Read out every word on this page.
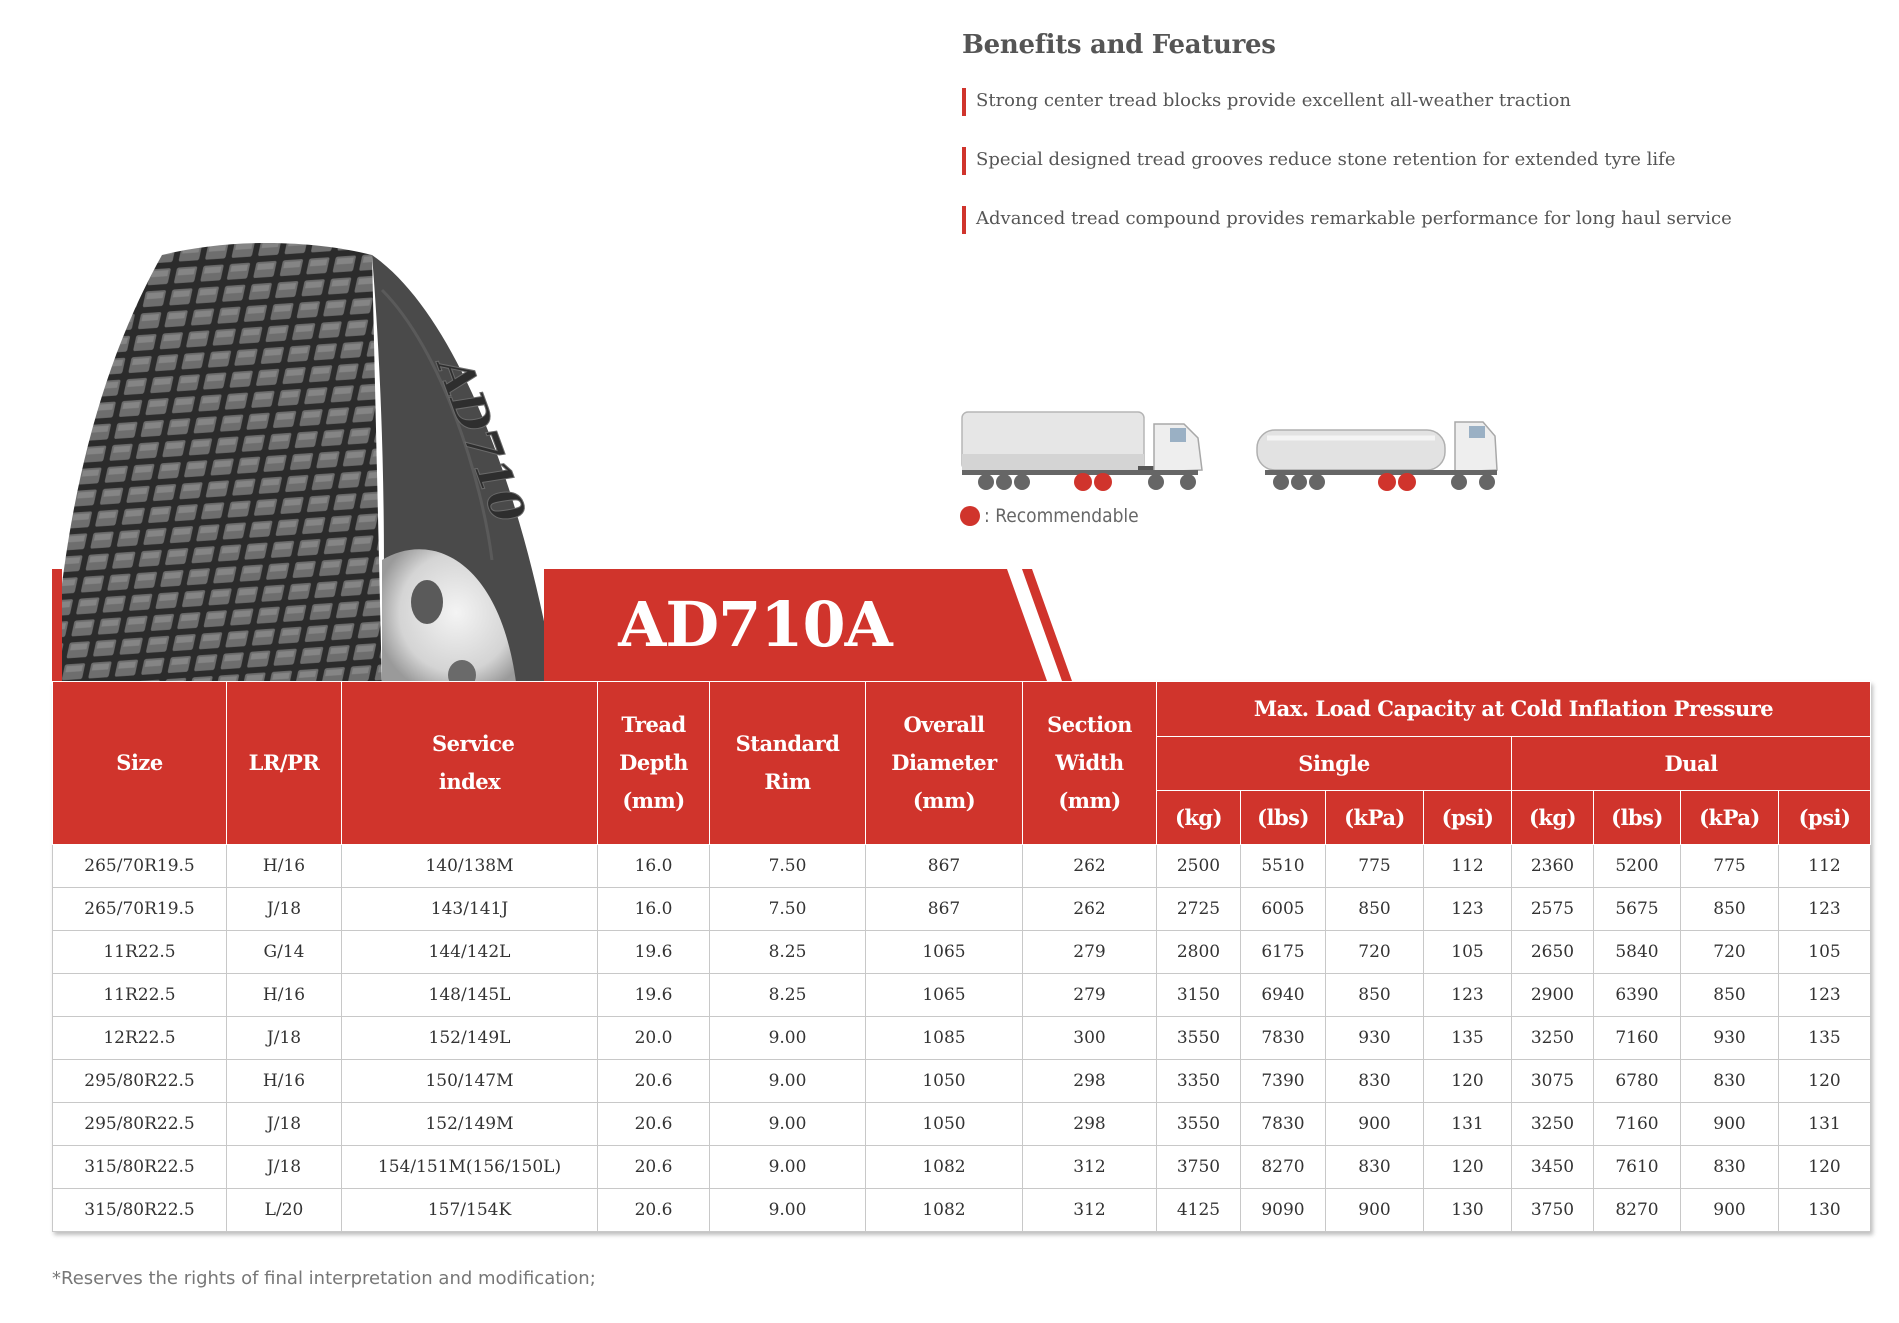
AD710
Benefits and Features
Strong center tread blocks provide excellent all-weather traction
Special designed tread grooves reduce stone retention for extended tyre life
Advanced tread compound provides remarkable performance for long haul service
: Recommendable
AD710A
Size	LR/PR	Service index	Tread Depth (mm)	Standard Rim	Overall Diameter (mm)	Section Width (mm)	Max. Load Capacity at Cold Inflation Pressure							
							Single				Dual			
							(kg)	(lbs)	(kPa)	(psi)	(kg)	(lbs)	(kPa)	(psi)
265/70R19.5	H/16	140/138M	16.0	7.50	867	262	2500	5510	775	112	2360	5200	775	112
265/70R19.5	J/18	143/141J	16.0	7.50	867	262	2725	6005	850	123	2575	5675	850	123
11R22.5	G/14	144/142L	19.6	8.25	1065	279	2800	6175	720	105	2650	5840	720	105
11R22.5	H/16	148/145L	19.6	8.25	1065	279	3150	6940	850	123	2900	6390	850	123
12R22.5	J/18	152/149L	20.0	9.00	1085	300	3550	7830	930	135	3250	7160	930	135
295/80R22.5	H/16	150/147M	20.6	9.00	1050	298	3350	7390	830	120	3075	6780	830	120
295/80R22.5	J/18	152/149M	20.6	9.00	1050	298	3550	7830	900	131	3250	7160	900	131
315/80R22.5	J/18	154/151M(156/150L)	20.6	9.00	1082	312	3750	8270	830	120	3450	7610	830	120
315/80R22.5	L/20	157/154K	20.6	9.00	1082	312	4125	9090	900	130	3750	8270	900	130
*Reserves the rights of final interpretation and modification;
